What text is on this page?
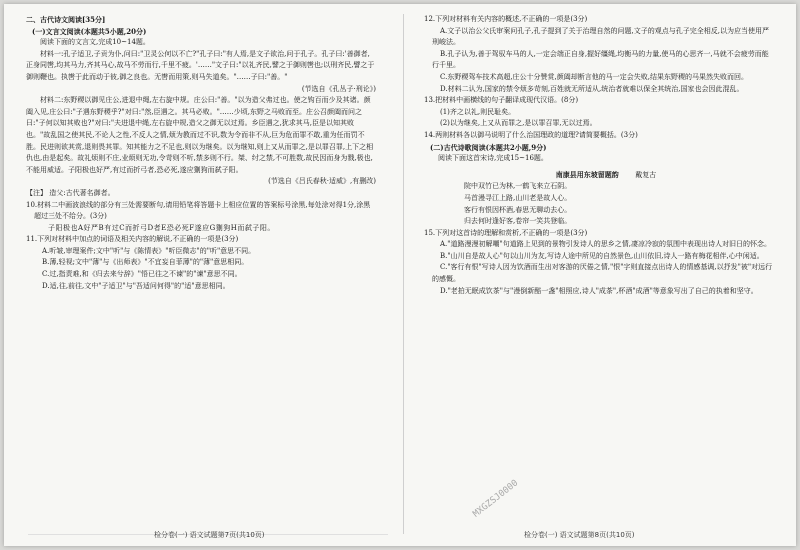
二、古代诗文阅读[35分]

(一)文言文阅读(本题共5小题,20分)

阅读下面的文言文,完成10~14题。

材料一:孔子适卫,子贡为仆,问曰:"卫灵公何以不亡?"孔子曰:"有人焉,是文子欲治,问于孔子。孔子曰:'善御者,正身同辔,均其马力,齐其马心,故马不劳而行,千里不疲。'……"文子曰:"以礼齐民,譬之于御则辔也;以刑齐民,譬之于御则鞭也。执辔于此而动于彼,御之良也。无辔而用策,则马失道矣。"……子曰:"善。"

(节选自《孔丛子·刑论》)

材料二:东野稷以御见庄公,进退中绳,左右旋中规。庄公曰:"善。"以为造父弗过也。使之钩百而少及其诸。颜阖入见,庄公曰:"子遇东野稷乎?"对曰:"然,臣遇之。其马必败。"……少顷,东野之马败而至。庄公召颜阖而问之曰:"子何以知其败也?"对曰:"夫进退中绳,左右旋中规,造父之御无以过焉。乡臣遇之,犹求其马,臣是以知其败也。"故乱国之使其民,不论人之性,不反人之情,烦为教而过不识,数为令而非不从,巨为危而罪不敢,重为任而罚不胜。民进则欲其赏,退则畏其罪。知其能力之不足也,则以为继矣。以为继知,则上又从而罪之,是以罪召罪,上下之相仇也,由是起矣。故礼烦则不庄,业烦则无功,令苛则不听,禁多则不行。桀、纣之禁,不可胜数,故民因而身为戮,极也,不能用威适。子阳极也好严,有过而折弓者,恐必死,遂应猘狗而弑子阳。

(节选自《吕氏春秋·适威》,有删改)

【注】 造父:古代著名御者。

10.材料二中画波浪线的部分有三处需要断句,请用铅笔将答题卡上相应位置的答案标号涂黑,每处涂对得1分,涂黑超过三处不给分。(3分)

子阳极也A好严B有过C而折弓D者E恐必死F遂应G猘狗H而弑子阳。

11.下列对材料中加点的词语及相关内容的解说,不正确的一项是(3分)

A.听皱,审理案件;文中"听"与《陈情表》"听臣微志"的"听"意思不同。

B.薄,轻视;文中"薄"与《出师表》"不宜妄自菲薄"的"薄"意思相同。

C.过,指责难,和《归去来兮辞》"悟已往之不谏"的"谏"意思不同。

D.适,往,前往,文中"子适卫"与"吾适问何得"的"适"意思相同。

检分卷(一) 语文试题第7页(共10页)

12.下列对材料有关内容的概述,不正确的一项是(3分)

A.文子以治公父氏审案问孔子,孔子提到了关于治理自然的问题,文子的观点与孔子完全相反,以为应当使用严刑峻法。

B.孔子认为,善于驾驭车马的人,一定会端正自身,握好缰绳,均衡马的力量,使马的心思齐一,马就不会疲劳而能行千里。

C.东野稷驾车技术高超,庄公十分赞赏,颜阖却断言他的马一定会失败,结果东野稷的马果然失败而回。

D.材料二认为,国家的禁令烦多苛刻,百姓就无所适从,统治者就难以保全其统治,国家也会因此混乱。

13.把材料中画横线的句子翻译成现代汉语。(8分)

(1)齐之以礼,则民耻矣。

(2)以为继矣,上又从而罪之,是以罪召罪,无以过焉。

14.两则材料各以御马说明了什么治国理政的道理?请简要概括。(3分)

(二)古代诗歌阅读(本题共2小题,9分)

阅读下面这首宋诗,完成15~16题。

南康县用东坡留题韵 戴复古

院中双竹已为林,一鹤飞来立石阴。

马首漫寻江上路,山川老是故人心。

客行有恨因杯酒,春思无聊动去心。

归去何时逢好客,卷帘一笑共登临。

15.下列对这首诗的理解和赏析,不正确的一项是(3分)

A."道路漫漫初解嘲"句道路上见到的景物引发诗人的思乡之情,凄凉冷寂的氛围中表现出诗人对旧日的怀念。

B."山川自是故人心"句以山川为友,写诗人途中所见的自然景色,山川依旧,诗人一路有梅花相伴,心中闲适。

C."客行有恨"写诗人因为饮酒而生出对客游的厌倦之情,"恨"字则直接点出诗人的情感基调,以抒发"被"对远行的感慨。

D."老拍无眠成饮茶"与"漫倒新醅一盏"相照应,诗人"成茶",杯酒"成酒"等意象写出了自己的执着和坚守。

检分卷(一) 语文试题第8页(共10页)
MXGZSJ0000
